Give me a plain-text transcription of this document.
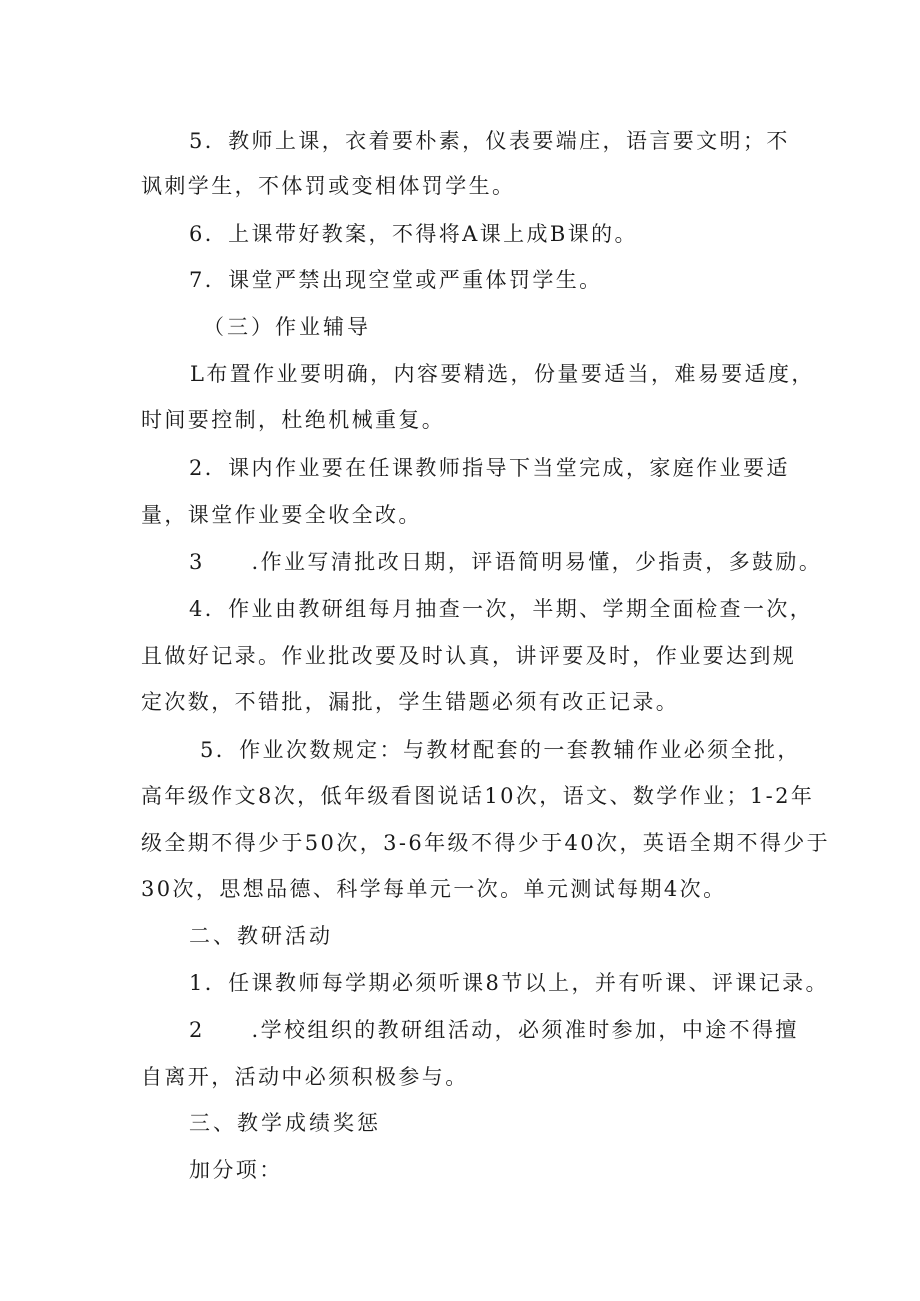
5．教师上课，衣着要朴素，仪表要端庄，语言要文明；不
讽刺学生，不体罚或变相体罚学生。
6．上课带好教案，不得将A课上成B课的。
7．课堂严禁出现空堂或严重体罚学生。
（三）作业辅导
L布置作业要明确，内容要精选，份量要适当，难易要适度，
时间要控制，杜绝机械重复。
2．课内作业要在任课教师指导下当堂完成，家庭作业要适
量，课堂作业要全收全改。
3　　.作业写清批改日期，评语简明易懂，少指责，多鼓励。
4．作业由教研组每月抽查一次，半期、学期全面检查一次，
且做好记录。作业批改要及时认真，讲评要及时，作业要达到规
定次数，不错批，漏批，学生错题必须有改正记录。
5．作业次数规定：与教材配套的一套教辅作业必须全批，
高年级作文8次，低年级看图说话10次，语文、数学作业；1-2年
级全期不得少于50次，3-6年级不得少于40次，英语全期不得少于
30次，思想品德、科学每单元一次。单元测试每期4次。
二、教研活动
1．任课教师每学期必须听课8节以上，并有听课、评课记录。
2　　.学校组织的教研组活动，必须准时参加，中途不得擅
自离开，活动中必须积极参与。
三、教学成绩奖惩
加分项：
